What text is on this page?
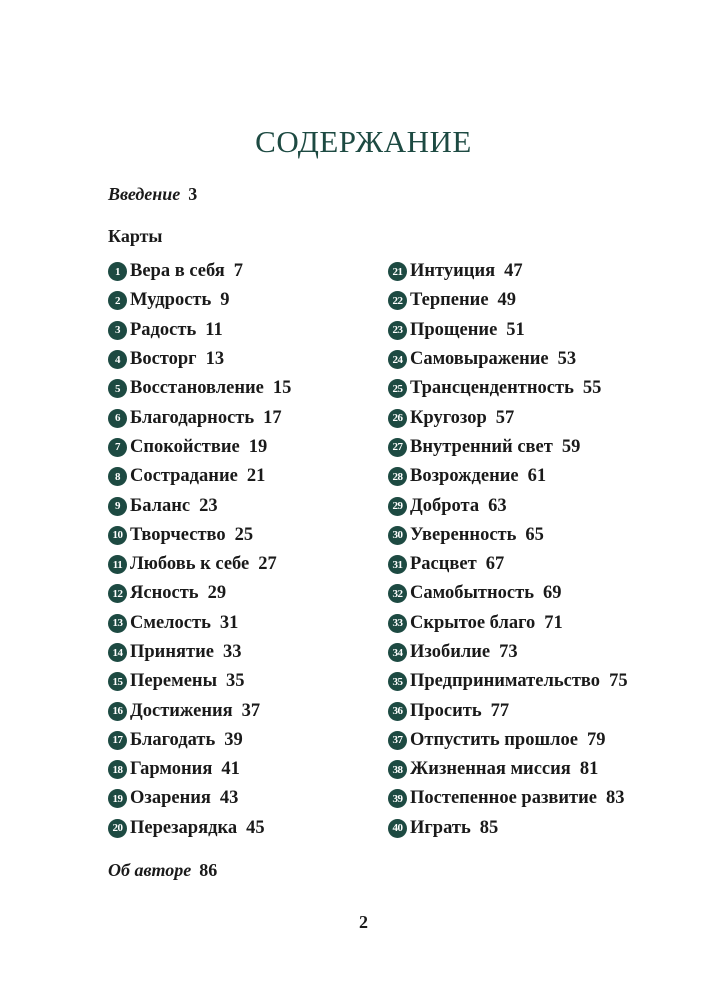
СОДЕРЖАНИЕ
Введение 3
Карты
1 Вера в себя 7
2 Мудрость 9
3 Радость 11
4 Восторг 13
5 Восстановление 15
6 Благодарность 17
7 Спокойствие 19
8 Сострадание 21
9 Баланс 23
10 Творчество 25
11 Любовь к себе 27
12 Ясность 29
13 Смелость 31
14 Принятие 33
15 Перемены 35
16 Достижения 37
17 Благодать 39
18 Гармония 41
19 Озарения 43
20 Перезарядка 45
21 Интуиция 47
22 Терпение 49
23 Прощение 51
24 Самовыражение 53
25 Трансцендентность 55
26 Кругозор 57
27 Внутренний свет 59
28 Возрождение 61
29 Доброта 63
30 Уверенность 65
31 Расцвет 67
32 Самобытность 69
33 Скрытое благо 71
34 Изобилие 73
35 Предпринимательство 75
36 Просить 77
37 Отпустить прошлое 79
38 Жизненная миссия 81
39 Постепенное развитие 83
40 Играть 85
Об авторе 86
2
